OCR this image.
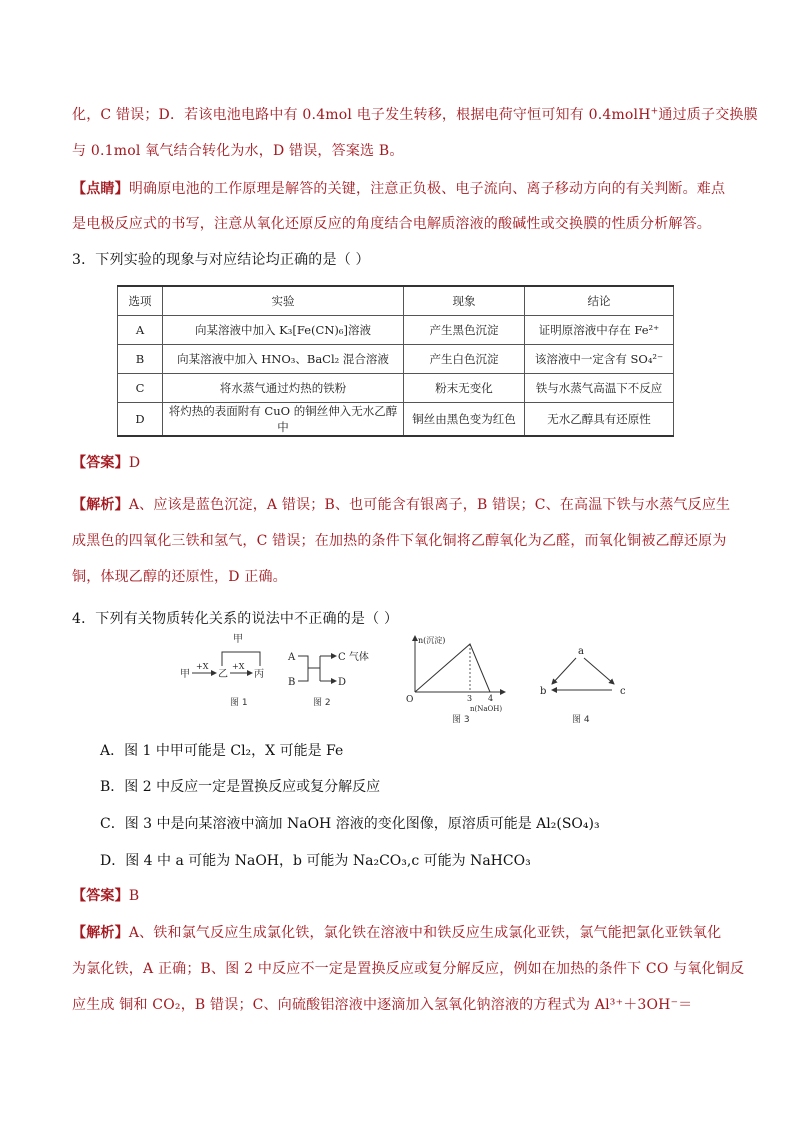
化，C 错误；D．若该电池电路中有 0.4mol 电子发生转移，根据电荷守恒可知有 0.4molH+通过质子交换膜
与 0.1mol 氧气结合转化为水，D 错误，答案选 B。
【点睛】明确原电池的工作原理是解答的关键，注意正负极、电子流向、离子移动方向的有关判断。难点
是电极反应式的书写，注意从氧化还原反应的角度结合电解质溶液的酸碱性或交换膜的性质分析解答。
3．下列实验的现象与对应结论均正确的是（ ）
选项	实验	现象	结论
A	向某溶液中加入 K₃[Fe(CN)₆]溶液	产生黑色沉淀	证明原溶液中存在 Fe²⁺
B	向某溶液中加入 HNO₃、BaCl₂ 混合溶液	产生白色沉淀	该溶液中一定含有 SO₄²⁻
C	将水蒸气通过灼热的铁粉	粉末无变化	铁与水蒸气高温下不反应
D	将灼热的表面附有 CuO 的铜丝伸入无水乙醇中	铜丝由黑色变为红色	无水乙醇具有还原性
【答案】D
【解析】A、应该是蓝色沉淀，A 错误；B、也可能含有银离子，B 错误；C、在高温下铁与水蒸气反应生
成黑色的四氧化三铁和氢气，C 错误；在加热的条件下氧化铜将乙醇氧化为乙醛，而氧化铜被乙醇还原为
铜，体现乙醇的还原性，D 正确。
4．下列有关物质转化关系的说法中不正确的是（ ）
甲
甲
+X
乙
+X
丙
图 1
A
B
C 气体
D
图 2
n(沉淀)
O	3 4
n(NaOH)
图 3
a
b	c
图 4
A．图 1 中甲可能是 Cl₂，X 可能是 Fe
B．图 2 中反应一定是置换反应或复分解反应
C．图 3 中是向某溶液中滴加 NaOH 溶液的变化图像，原溶质可能是 Al₂(SO₄)₃
D．图 4 中 a 可能为 NaOH，b 可能为 Na₂CO₃,c 可能为 NaHCO₃
【答案】B
【解析】A、铁和氯气反应生成氯化铁，氯化铁在溶液中和铁反应生成氯化亚铁，氯气能把氯化亚铁氧化
为氯化铁，A 正确；B、图 2 中反应不一定是置换反应或复分解反应，例如在加热的条件下 CO 与氧化铜反
应生成 铜和 CO₂，B 错误；C、向硫酸铝溶液中逐滴加入氢氧化钠溶液的方程式为 Al³⁺＋3OH⁻＝
